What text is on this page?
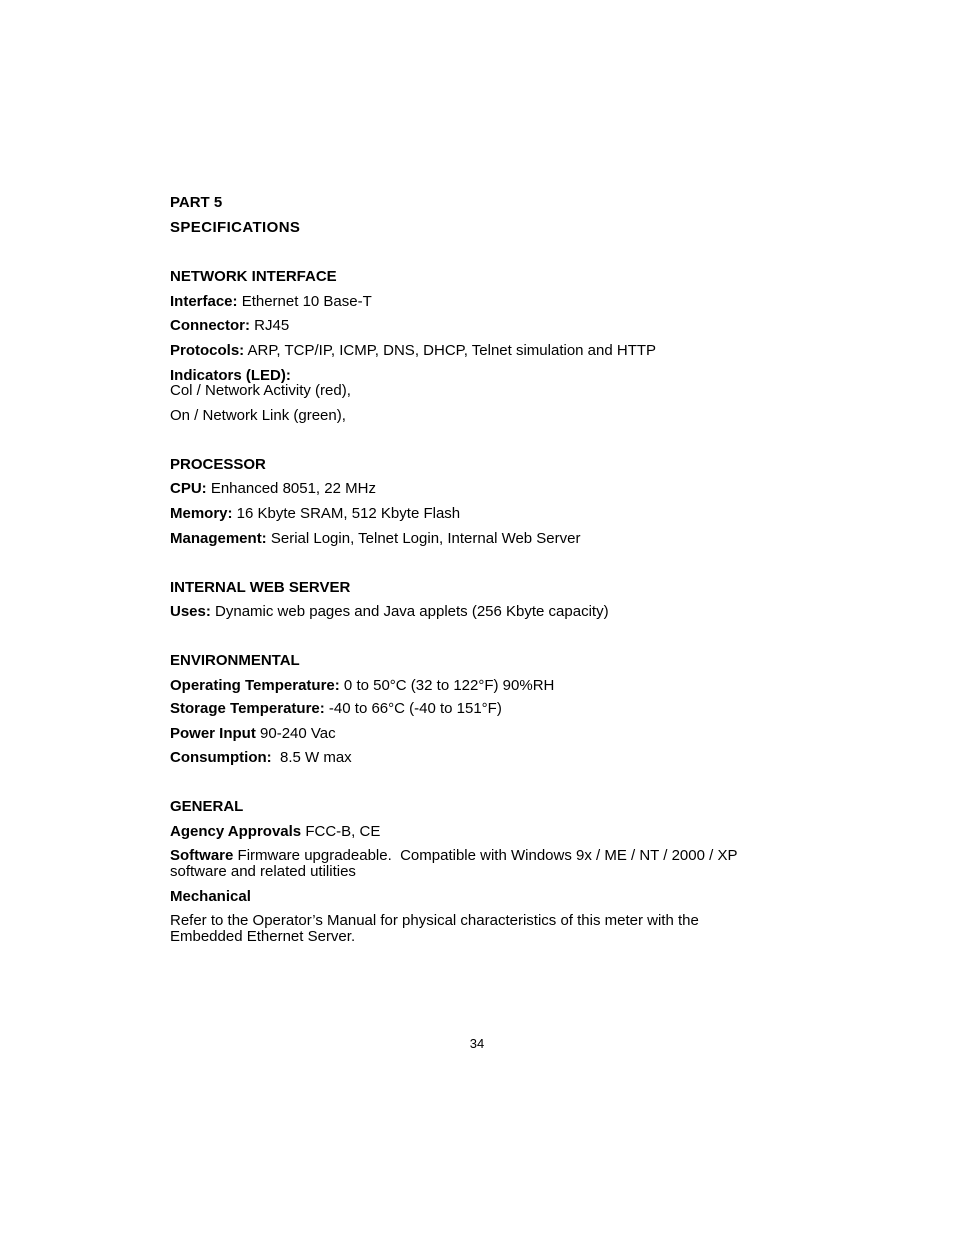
PART 5
SPECIFICATIONS
NETWORK INTERFACE
Interface: Ethernet 10 Base-T
Connector: RJ45
Protocols: ARP, TCP/IP, ICMP, DNS, DHCP, Telnet simulation and HTTP
Indicators (LED):
Col / Network Activity (red),
On / Network Link (green),
PROCESSOR
CPU: Enhanced 8051, 22 MHz
Memory: 16 Kbyte SRAM, 512 Kbyte Flash
Management: Serial Login, Telnet Login, Internal Web Server
INTERNAL WEB SERVER
Uses: Dynamic web pages and Java applets (256 Kbyte capacity)
ENVIRONMENTAL
Operating Temperature: 0 to 50°C (32 to 122°F) 90%RH
Storage Temperature: -40 to 66°C (-40 to 151°F)
Power Input 90-240 Vac
Consumption:  8.5 W max
GENERAL
Agency Approvals FCC-B, CE
Software Firmware upgradeable.  Compatible with Windows 9x / ME / NT / 2000 / XP
software and related utilities
Mechanical
Refer to the Operator’s Manual for physical characteristics of this meter with the
Embedded Ethernet Server.
34
